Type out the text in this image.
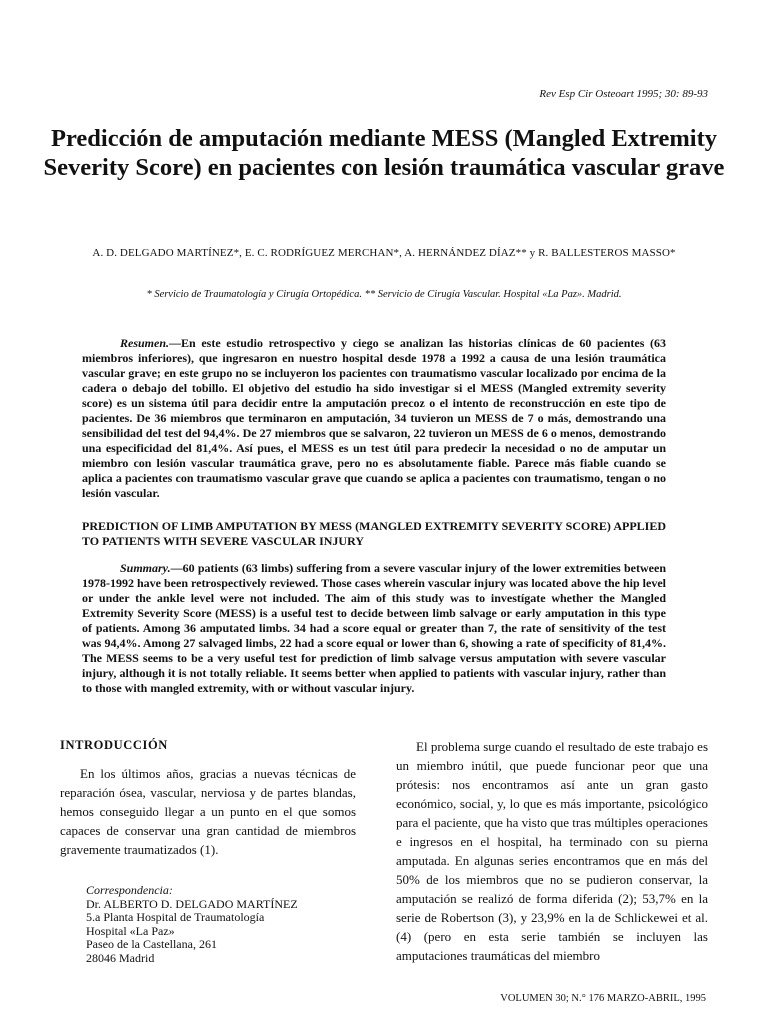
Rev Esp Cir Osteoart 1995; 30: 89-93
Predicción de amputación mediante MESS (Mangled Extremity Severity Score) en pacientes con lesión traumática vascular grave
A. D. DELGADO MARTÍNEZ*, E. C. RODRÍGUEZ MERCHAN*, A. HERNÁNDEZ DÍAZ** y R. BALLESTEROS MASSO*
* Servicio de Traumatología y Cirugía Ortopédica. ** Servicio de Cirugía Vascular. Hospital «La Paz». Madrid.

Resumen.—En este estudio retrospectivo y ciego se analizan las historias clínicas de 60 pacientes (63 miembros inferiores), que ingresaron en nuestro hospital desde 1978 a 1992 a causa de una lesión traumática vascular grave; en este grupo no se incluyeron los pacientes con traumatismo vascular localizado por encima de la cadera o debajo del tobillo. El objetivo del estudio ha sido investigar si el MESS (Mangled extremity severity score) es un sistema útil para decidir entre la amputación precoz o el intento de reconstrucción en este tipo de pacientes. De 36 miembros que terminaron en amputación, 34 tuvieron un MESS de 7 o más, demostrando una sensibilidad del test del 94,4%. De 27 miembros que se salvaron, 22 tuvieron un MESS de 6 o menos, demostrando una especificidad del 81,4%. Así pues, el MESS es un test útil para predecir la necesidad o no de amputar un miembro con lesión vascular traumática grave, pero no es absolutamente fiable. Parece más fiable cuando se aplica a pacientes con traumatismo vascular grave que cuando se aplica a pacientes con traumatismo, tengan o no lesión vascular.

PREDICTION OF LIMB AMPUTATION BY MESS (MANGLED EXTREMITY SEVERITY SCORE) APPLIED TO PATIENTS WITH SEVERE VASCULAR INJURY

Summary.—60 patients (63 limbs) suffering from a severe vascular injury of the lower extremities between 1978-1992 have been retrospectively reviewed. Those cases wherein vascular injury was located above the hip level or under the ankle level were not included. The aim of this study was to investígate whether the Mangled Extremity Severity Score (MESS) is a useful test to decide between limb salvage or early amputation in this type of patients. Among 36 amputated limbs. 34 had a score equal or greater than 7, the rate of sensitivity of the test was 94,4%. Among 27 salvaged limbs, 22 had a score equal or lower than 6, showing a rate of specificity of 81,4%. The MESS seems to be a very useful test for prediction of limb salvage versus amputation with severe vascular injury, although it is not totally reliable. It seems better when applied to patients with vascular injury, rather than to those with mangled extremity, with or without vascular injury.

INTRODUCCIÓN

En los últimos años, gracias a nuevas técnicas de reparación ósea, vascular, nerviosa y de partes blandas, hemos conseguido llegar a un punto en el que somos capaces de conservar una gran cantidad de miembros gravemente traumatizados (1).

Correspondencia:
Dr. ALBERTO D. DELGADO MARTÍNEZ
5.a Planta Hospital de Traumatología
Hospital «La Paz»
Paseo de la Castellana, 261
28046 Madrid

El problema surge cuando el resultado de este trabajo es un miembro inútil, que puede funcionar peor que una prótesis: nos encontramos así ante un gran gasto económico, social, y, lo que es más importante, psicológico para el paciente, que ha visto que tras múltiples operaciones e ingresos en el hospital, ha terminado con su pierna amputada. En algunas series encontramos que en más del 50% de los miembros que no se pudieron conservar, la amputación se realizó de forma diferida (2); 53,7% en la serie de Robertson (3), y 23,9% en la de Schlickewei et al. (4) (pero en esta serie también se incluyen las amputaciones traumáticas del miembro

VOLUMEN 30; N.° 176 MARZO-ABRIL, 1995
